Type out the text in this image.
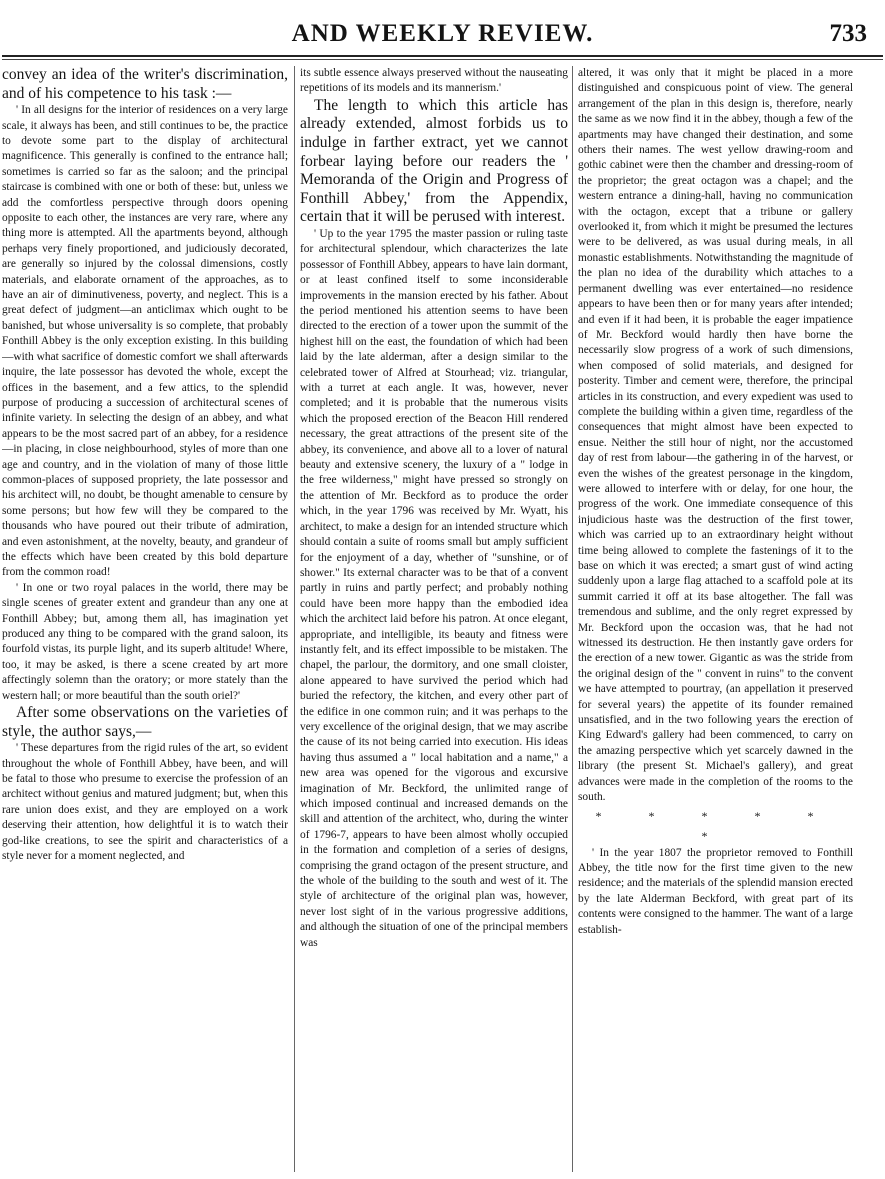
AND WEEKLY REVIEW.	733

convey an idea of the writer's discrimination, and of his competence to his task :—

' In all designs for the interior of residences on a very large scale, it always has been, and still continues to be, the practice to devote some part to the display of architectural magnificence. This generally is confined to the entrance hall; sometimes is carried so far as the saloon; and the principal staircase is combined with one or both of these: but, unless we add the comfortless perspective through doors opening opposite to each other, the instances are very rare, where any thing more is attempted. All the apartments beyond, although perhaps very finely proportioned, and judiciously decorated, are generally so injured by the colossal dimensions, costly materials, and elaborate ornament of the approaches, as to have an air of diminutiveness, poverty, and neglect. This is a great defect of judgment—an anticlimax which ought to be banished, but whose universality is so complete, that probably Fonthill Abbey is the only exception existing. In this building—with what sacrifice of domestic comfort we shall afterwards inquire, the late possessor has devoted the whole, except the offices in the basement, and a few attics, to the splendid purpose of producing a succession of architectural scenes of infinite variety. In selecting the design of an abbey, and what appears to be the most sacred part of an abbey, for a residence—in placing, in close neighbourhood, styles of more than one age and country, and in the violation of many of those little common-places of supposed propriety, the late possessor and his architect will, no doubt, be thought amenable to censure by some persons; but how few will they be compared to the thousands who have poured out their tribute of admiration, and even astonishment, at the novelty, beauty, and grandeur of the effects which have been created by this bold departure from the common road!

' In one or two royal palaces in the world, there may be single scenes of greater extent and grandeur than any one at Fonthill Abbey; but, among them all, has imagination yet produced any thing to be compared with the grand saloon, its fourfold vistas, its purple light, and its superb altitude! Where, too, it may be asked, is there a scene created by art more affectingly solemn than the oratory; or more stately than the western hall; or more beautiful than the south oriel?'

After some observations on the varieties of style, the author says,—

' These departures from the rigid rules of the art, so evident throughout the whole of Fonthill Abbey, have been, and will be fatal to those who presume to exercise the profession of an architect without genius and matured judgment; but, when this rare union does exist, and they are employed on a work deserving their attention, how delightful it is to watch their god-like creations, to see the spirit and characteristics of a style never for a moment neglected, and

its subtle essence always preserved without the nauseating repetitions of its models and its mannerism.'

The length to which this article has already extended, almost forbids us to indulge in farther extract, yet we cannot forbear laying before our readers the ' Memoranda of the Origin and Progress of Fonthill Abbey,' from the Appendix, certain that it will be perused with interest.

' Up to the year 1795 the master passion or ruling taste for architectural splendour, which characterizes the late possessor of Fonthill Abbey, appears to have lain dormant, or at least confined itself to some inconsiderable improvements in the mansion erected by his father. About the period mentioned his attention seems to have been directed to the erection of a tower upon the summit of the highest hill on the east, the foundation of which had been laid by the late alderman, after a design similar to the celebrated tower of Alfred at Stourhead; viz. triangular, with a turret at each angle. It was, however, never completed; and it is probable that the numerous visits which the proposed erection of the Beacon Hill rendered necessary, the great attractions of the present site of the abbey, its convenience, and above all to a lover of natural beauty and extensive scenery, the luxury of a " lodge in the free wilderness," might have pressed so strongly on the attention of Mr. Beckford as to produce the order which, in the year 1796 was received by Mr. Wyatt, his architect, to make a design for an intended structure which should contain a suite of rooms small but amply sufficient for the enjoyment of a day, whether of "sunshine, or of shower." Its external character was to be that of a convent partly in ruins and partly perfect; and probably nothing could have been more happy than the embodied idea which the architect laid before his patron. At once elegant, appropriate, and intelligible, its beauty and fitness were instantly felt, and its effect impossible to be mistaken. The chapel, the parlour, the dormitory, and one small cloister, alone appeared to have survived the period which had buried the refectory, the kitchen, and every other part of the edifice in one common ruin; and it was perhaps to the very excellence of the original design, that we may ascribe the cause of its not being carried into execution. His ideas having thus assumed a " local habitation and a name," a new area was opened for the vigorous and excursive imagination of Mr. Beckford, the unlimited range of which imposed continual and increased demands on the skill and attention of the architect, who, during the winter of 1796-7, appears to have been almost wholly occupied in the formation and completion of a series of designs, comprising the grand octagon of the present structure, and the whole of the building to the south and west of it. The style of architecture of the original plan was, however, never lost sight of in the various progressive additions, and although the situation of one of the principal members was

altered, it was only that it might be placed in a more distinguished and conspicuous point of view. The general arrangement of the plan in this design is, therefore, nearly the same as we now find it in the abbey, though a few of the apartments may have changed their destination, and some others their names. The west yellow drawing-room and gothic cabinet were then the chamber and dressing-room of the proprietor; the great octagon was a chapel; and the western entrance a dining-hall, having no communication with the octagon, except that a tribune or gallery overlooked it, from which it might be presumed the lectures were to be delivered, as was usual during meals, in all monastic establishments. Notwithstanding the magnitude of the plan no idea of the durability which attaches to a permanent dwelling was ever entertained—no residence appears to have been then or for many years after intended; and even if it had been, it is probable the eager impatience of Mr. Beckford would hardly then have borne the necessarily slow progress of a work of such dimensions, when composed of solid materials, and designed for posterity. Timber and cement were, therefore, the principal articles in its construction, and every expedient was used to complete the building within a given time, regardless of the consequences that might almost have been expected to ensue. Neither the still hour of night, nor the accustomed day of rest from labour—the gathering in of the harvest, or even the wishes of the greatest personage in the kingdom, were allowed to interfere with or delay, for one hour, the progress of the work. One immediate consequence of this injudicious haste was the destruction of the first tower, which was carried up to an extraordinary height without time being allowed to complete the fastenings of it to the base on which it was erected; a smart gust of wind acting suddenly upon a large flag attached to a scaffold pole at its summit carried it off at its base altogether. The fall was tremendous and sublime, and the only regret expressed by Mr. Beckford upon the occasion was, that he had not witnessed its destruction. He then instantly gave orders for the erection of a new tower. Gigantic as was the stride from the original design of the " convent in ruins" to the convent we have attempted to pourtray, (an appellation it preserved for several years) the appetite of its founder remained unsatisfied, and in the two following years the erection of King Edward's gallery had been commenced, to carry on the amazing perspective which yet scarcely dawned in the library (the present St. Michael's gallery), and great advances were made in the completion of the rooms to the south.

* * * * * *

' In the year 1807 the proprietor removed to Fonthill Abbey, the title now for the first time given to the new residence; and the materials of the splendid mansion erected by the late Alderman Beckford, with great part of its contents were consigned to the hammer. The want of a large establish-
